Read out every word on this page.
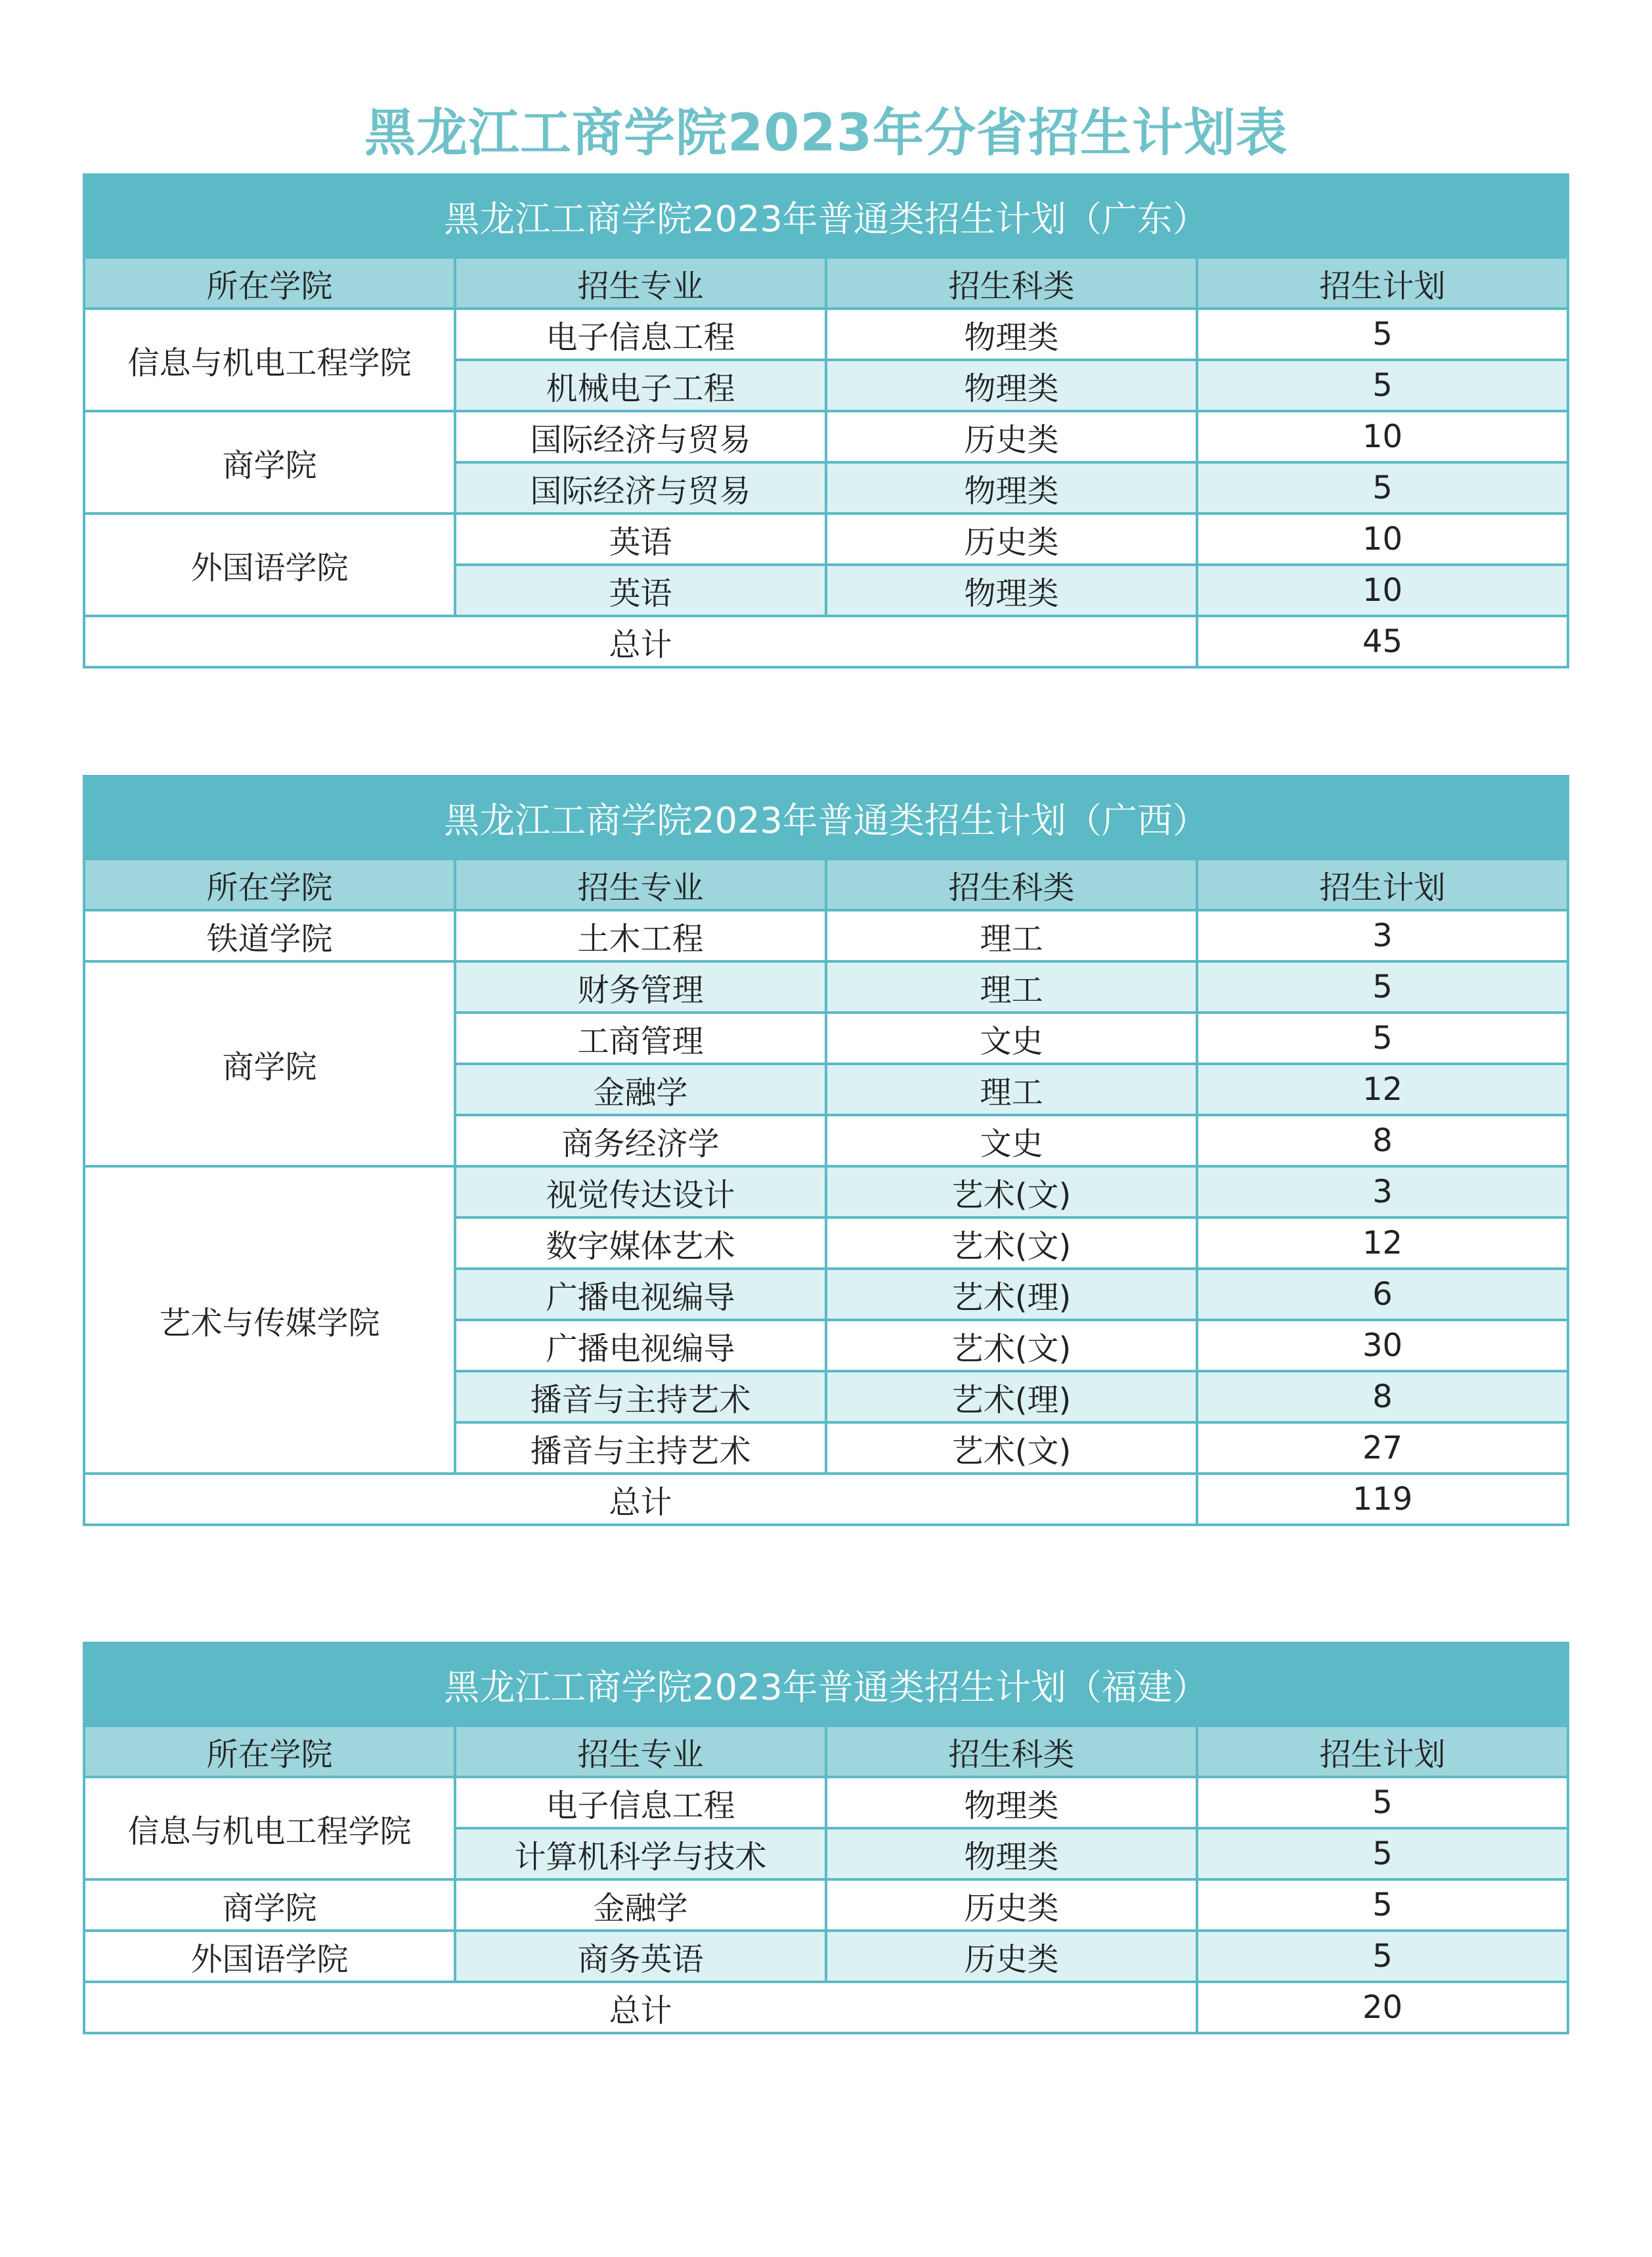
黑龙江工商学院2023年分省招生计划表
黑龙江工商学院2023年普通类招生计划（广东）			
所在学院	招生专业	招生科类	招生计划
信息与机电工程学院	电子信息工程	物理类	5
	机械电子工程	物理类	5
商学院	国际经济与贸易	历史类	10
	国际经济与贸易	物理类	5
外国语学院	英语	历史类	10
	英语	物理类	10
总计			45
黑龙江工商学院2023年普通类招生计划（广西）			
所在学院	招生专业	招生科类	招生计划
铁道学院	土木工程	理工	3
商学院	财务管理	理工	5
	工商管理	文史	5
	金融学	理工	12
	商务经济学	文史	8
艺术与传媒学院	视觉传达设计	艺术(文)	3
	数字媒体艺术	艺术(文)	12
	广播电视编导	艺术(理)	6
	广播电视编导	艺术(文)	30
	播音与主持艺术	艺术(理)	8
	播音与主持艺术	艺术(文)	27
总计			119
黑龙江工商学院2023年普通类招生计划（福建）			
所在学院	招生专业	招生科类	招生计划
信息与机电工程学院	电子信息工程	物理类	5
	计算机科学与技术	物理类	5
商学院	金融学	历史类	5
外国语学院	商务英语	历史类	5
总计			20
